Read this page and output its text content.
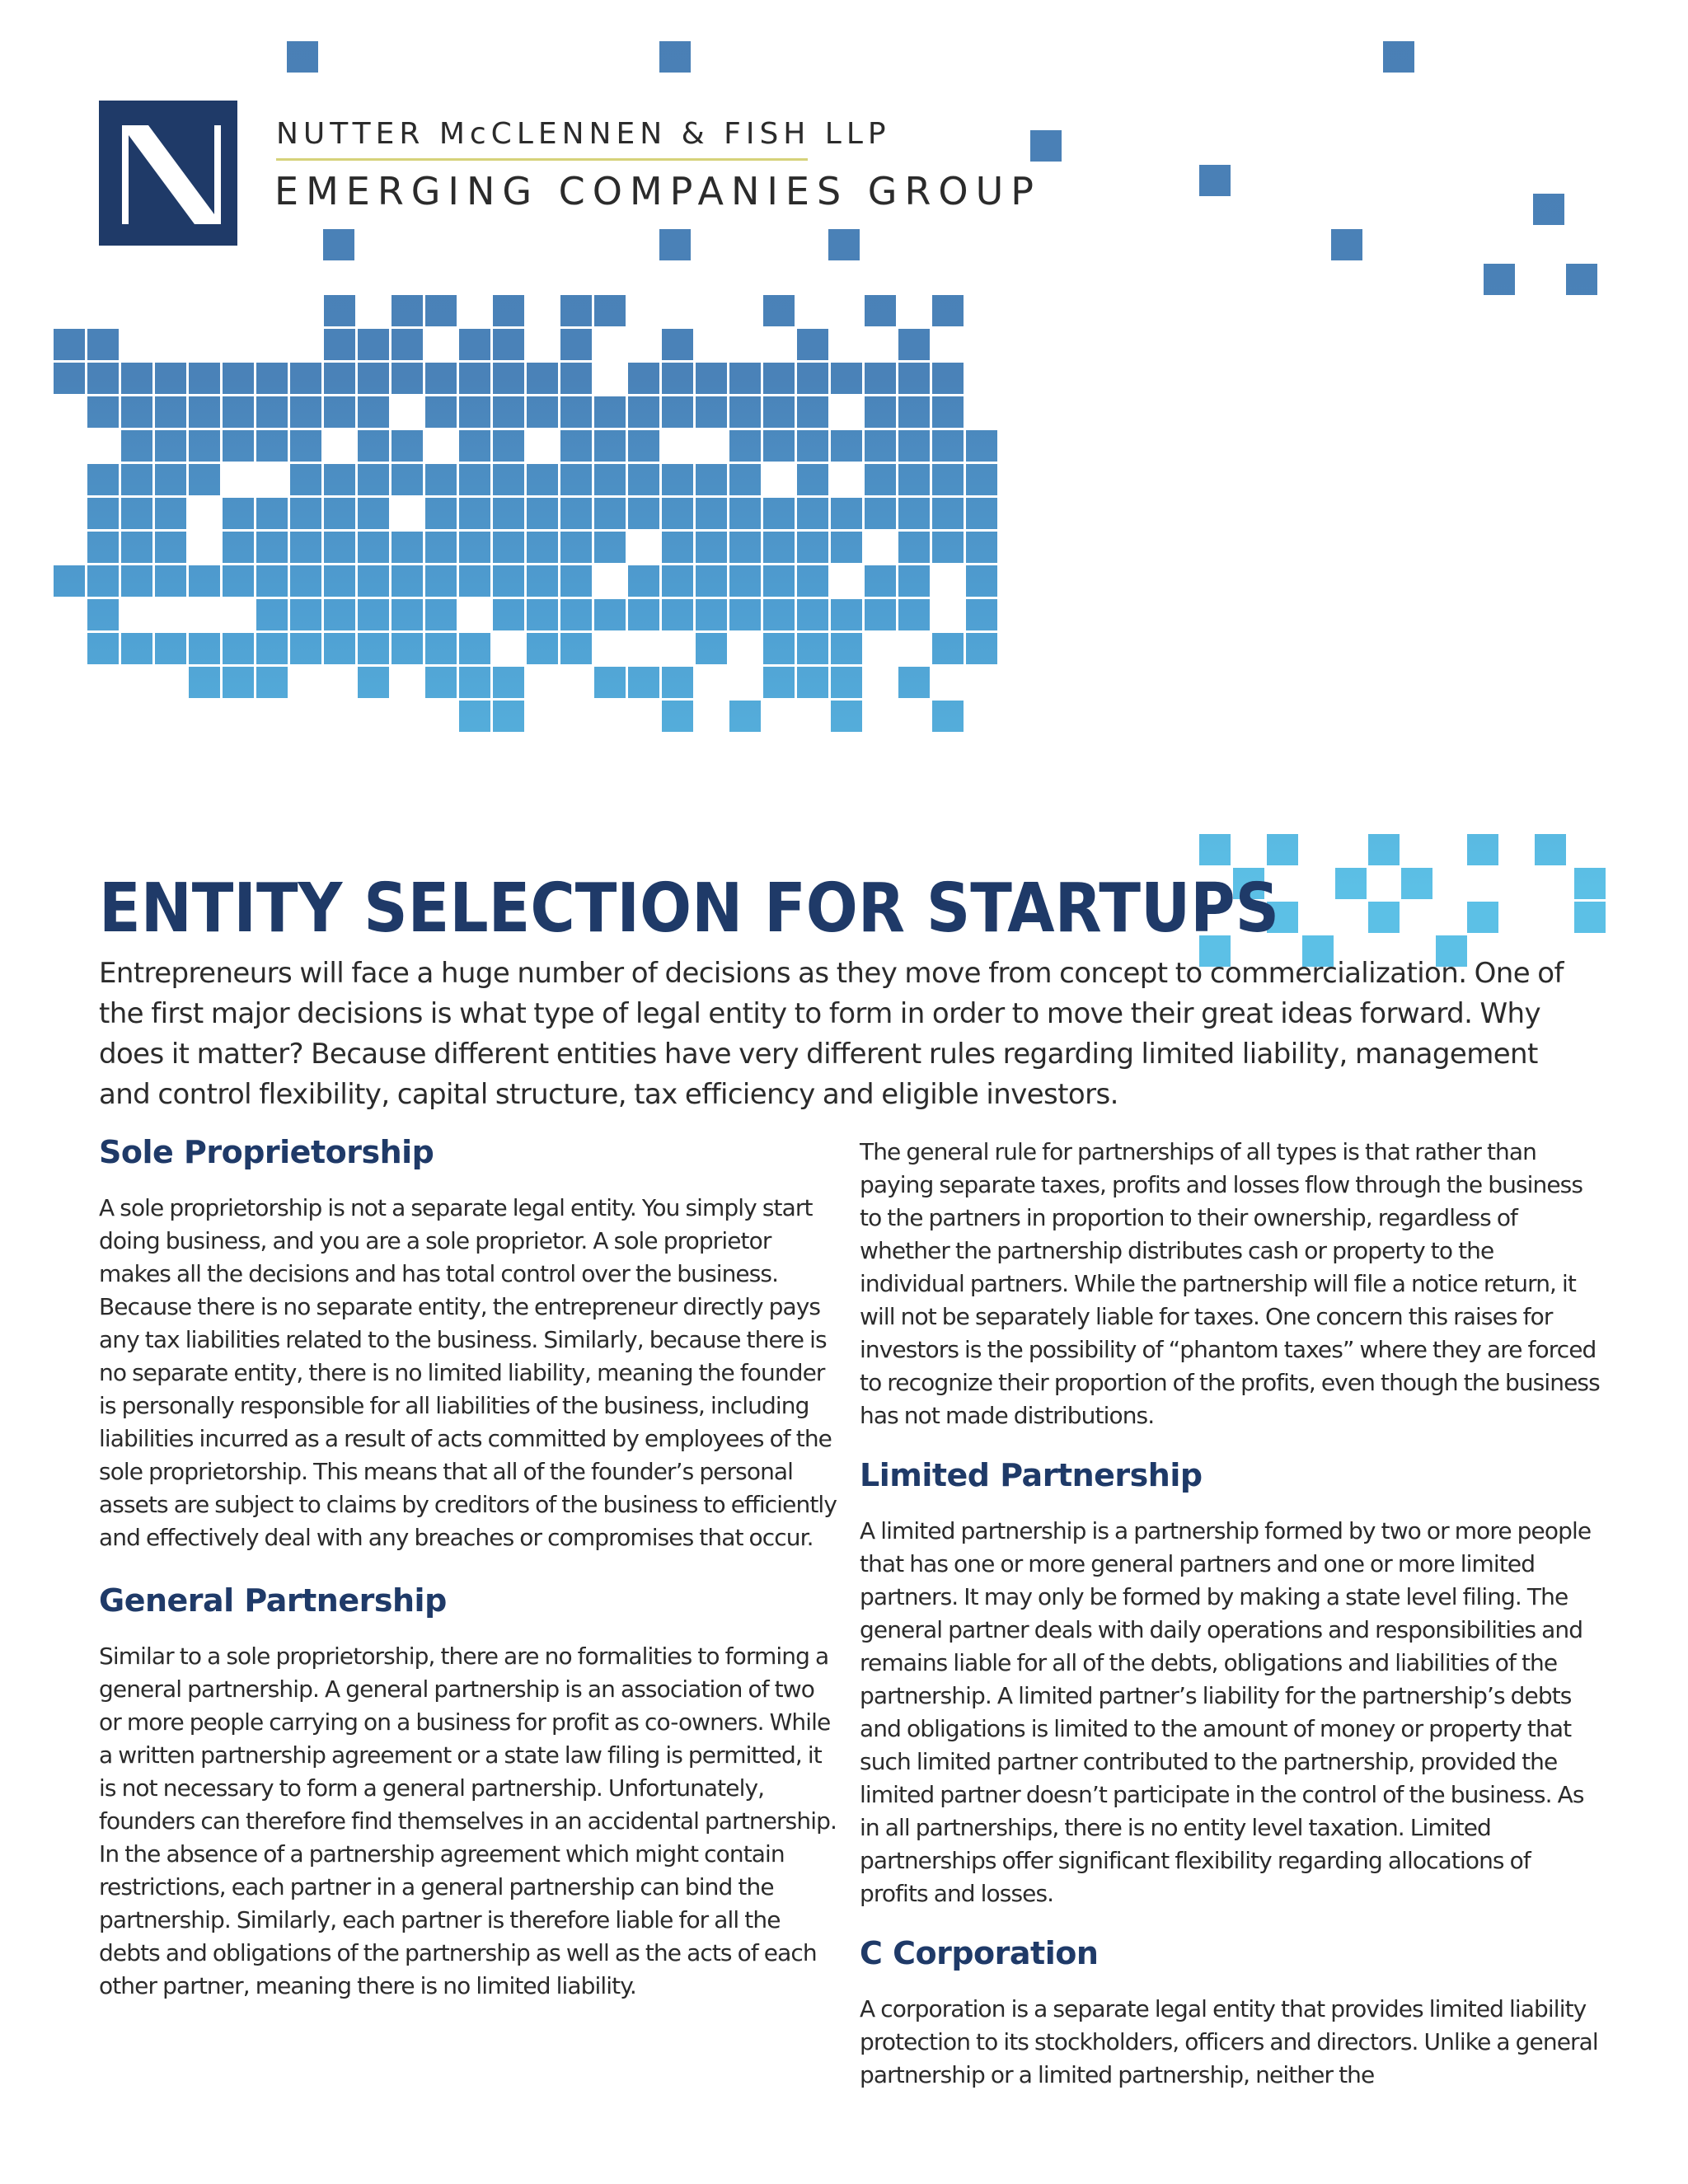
NUTTER McCLENNEN & FISH LLP
EMERGING COMPANIES GROUP
ENTITY SELECTION FOR STARTUPS

Entrepreneurs will face a huge number of decisions as they move from concept to commercialization. One of the first major decisions is what type of legal entity to form in order to move their great ideas forward. Why does it matter? Because different entities have very different rules regarding limited liability, management and control flexibility, capital structure, tax efficiency and eligible investors.

Sole Proprietorship

A sole proprietorship is not a separate legal entity. You simply start doing business, and you are a sole proprietor. A sole proprietor makes all the decisions and has total control over the business. Because there is no separate entity, the entrepreneur directly pays any tax liabilities related to the business. Similarly, because there is no separate entity, there is no limited liability, meaning the founder is personally responsible for all liabilities of the business, including liabilities incurred as a result of acts committed by employees of the sole proprietorship. This means that all of the founder’s personal assets are subject to claims by creditors of the business to efficiently and effectively deal with any breaches or compromises that occur.

General Partnership

Similar to a sole proprietorship, there are no formalities to forming a general partnership. A general partnership is an association of two or more people carrying on a business for profit as co-owners. While a written partnership agreement or a state law filing is permitted, it is not necessary to form a general partnership. Unfortunately, founders can therefore find themselves in an accidental partnership. In the absence of a partnership agreement which might contain restrictions, each partner in a general partnership can bind the partnership. Similarly, each partner is therefore liable for all the debts and obligations of the partnership as well as the acts of each other partner, meaning there is no limited liability.

The general rule for partnerships of all types is that rather than paying separate taxes, profits and losses flow through the business to the partners in proportion to their ownership, regardless of whether the partnership distributes cash or property to the individual partners. While the partnership will file a notice return, it will not be separately liable for taxes. One concern this raises for investors is the possibility of “phantom taxes” where they are forced to recognize their proportion of the profits, even though the business has not made distributions.

Limited Partnership

A limited partnership is a partnership formed by two or more people that has one or more general partners and one or more limited partners. It may only be formed by making a state level filing. The general partner deals with daily operations and responsibilities and remains liable for all of the debts, obligations and liabilities of the partnership. A limited partner’s liability for the partnership’s debts and obligations is limited to the amount of money or property that such limited partner contributed to the partnership, provided the limited partner doesn’t participate in the control of the business. As in all partnerships, there is no entity level taxation. Limited partnerships offer significant flexibility regarding allocations of profits and losses.

C Corporation

A corporation is a separate legal entity that provides limited liability protection to its stockholders, officers and directors. Unlike a general partnership or a limited partnership, neither the
